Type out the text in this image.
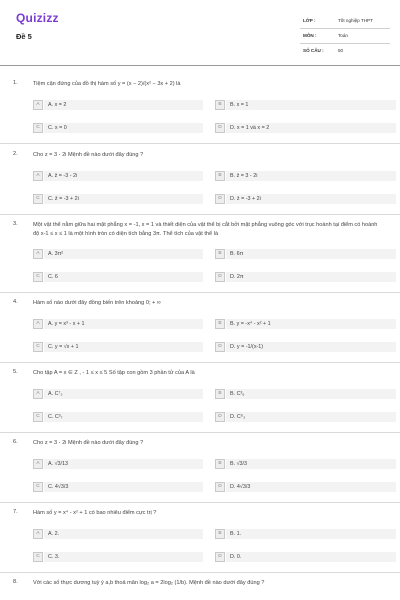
Quizizz
Đề 5
LỚP :	Tốt nghiệp THPT
MÔN :	Toán
SỐ CÂU :	50
1.	Tiệm cận đứng của đồ thị hàm số y = (x − 2)/(x² − 3x + 2) là
A	A. x = 2	B	B. x = 1
C	C. x = 0	D	D. x = 1 và x = 2
2.	Cho z = 3 - 2i Mệnh đề nào dưới đây đúng ?
A	A. z̄ = -3 - 2i	B	B. z̄ = 3 - 2i
C	C. z̄ = -3 + 2i	D	D. z̄ = -3 + 2i
3.	Một vật thể nằm giữa hai mặt phẳng x = -1, x = 1 và thiết diện của vật thể bị cắt bởi mặt phẳng vuông góc với trục hoành tại điểm có hoành độ x-1 ≤ x ≤ 1 là một hình tròn có diện tích bằng 3π. Thể tích của vật thể là
A	A. 3π²	B	B. 6π
C	C. 6	D	D. 2π
4.	Hàm số nào dưới đây đồng biến trên khoảng 0; + ∞
A	A. y = x³ - x + 1	B	B. y = -x⁴ - x² + 1
C	C. y = √x + 1	D	D. y = -1/(x-1)
5.	Cho tập A = x ∈ Z , - 1 ≤ x ≤ 5 Số tập con gồm 3 phần tử của A là
A	A. C⁷₃	B	B. C³₆
C	C. C³₇	D	D. C⁶₃
6.	Cho z = 3 - 2i Mệnh đề nào dưới đây đúng ?
A	A. √3/13	B	B. √3/3
C	C. 4√3/3	D	D. 4√3/3
7.	Hàm số y = x⁴ - x² + 1 có bao nhiêu điểm cực trị ?
A	A. 2.	B	B. 1.
C	C. 3.	D	D. 0.
8.	Với các số thực dương tuỳ ý a,b thoả mãn log₂ a = 2log₂ (1/b). Mệnh đề nào dưới đây đúng ?
